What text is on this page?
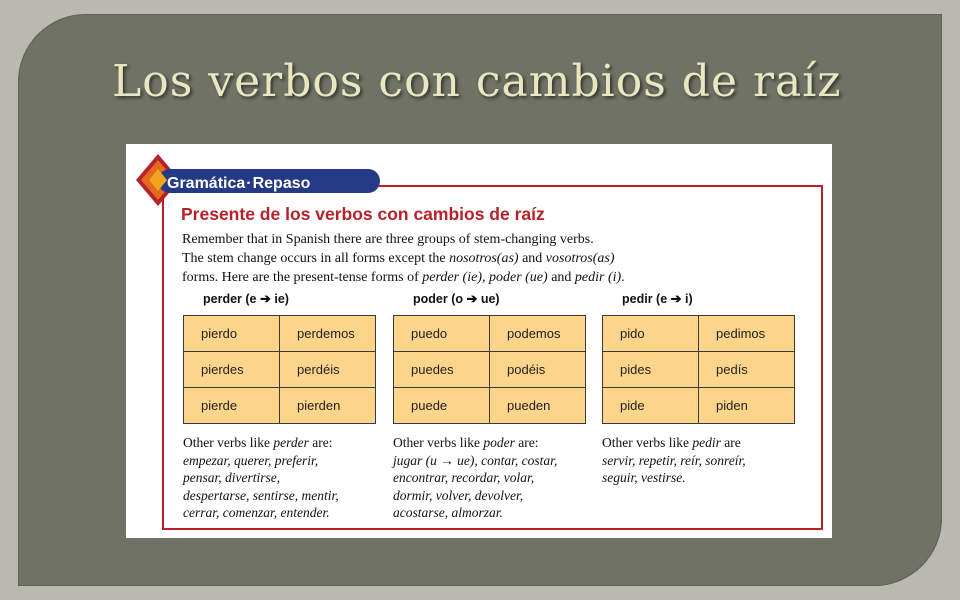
Los verbos con cambios de raíz
Gramática·Repaso
Presente de los verbos con cambios de raíz

Remember that in Spanish there are three groups of stem-changing verbs.

The stem change occurs in all forms except the nosotros(as) and vosotros(as)

forms. Here are the present-tense forms of perder (ie), poder (ue) and pedir (i).

perder (e ➔ ie)
pierdo	perdemos
pierdes	perdéis
pierde	pierden
Other verbs like perder are:
empezar, querer, preferir,
pensar, divertirse,
despertarse, sentirse, mentir,
cerrar, comenzar, entender.
poder (o ➔ ue)
puedo	podemos
puedes	podéis
puede	pueden
Other verbs like poder are:
jugar (u → ue), contar, costar,
encontrar, recordar, volar,
dormir, volver, devolver,
acostarse, almorzar.
pedir (e ➔ i)
pido	pedimos
pides	pedís
pide	piden
Other verbs like pedir are
servir, repetir, reír, sonreír,
seguir, vestirse.
